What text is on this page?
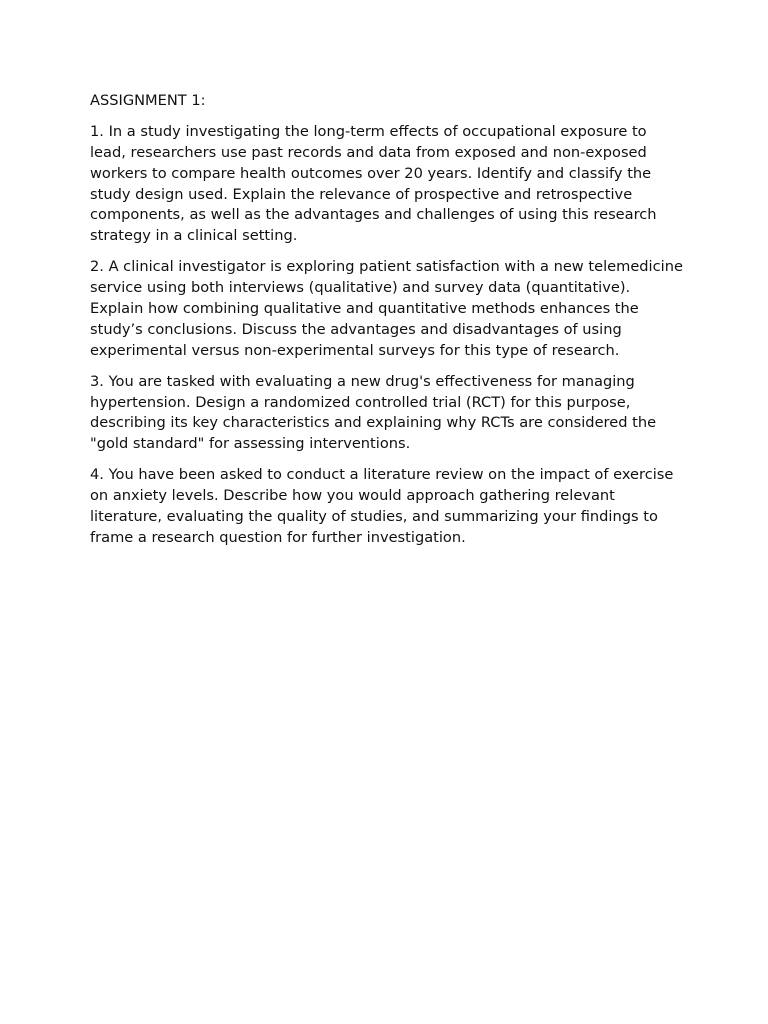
ASSIGNMENT 1:

1. In a study investigating the long-term effects of occupational exposure to lead, researchers use past records and data from exposed and non-exposed workers to compare health outcomes over 20 years. Identify and classify the study design used. Explain the relevance of prospective and retrospective components, as well as the advantages and challenges of using this research strategy in a clinical setting.

2. A clinical investigator is exploring patient satisfaction with a new telemedicine service using both interviews (qualitative) and survey data (quantitative). Explain how combining qualitative and quantitative methods enhances the study’s conclusions. Discuss the advantages and disadvantages of using experimental versus non-experimental surveys for this type of research.

3. You are tasked with evaluating a new drug's effectiveness for managing hypertension. Design a randomized controlled trial (RCT) for this purpose, describing its key characteristics and explaining why RCTs are considered the "gold standard" for assessing interventions.

4. You have been asked to conduct a literature review on the impact of exercise on anxiety levels. Describe how you would approach gathering relevant literature, evaluating the quality of studies, and summarizing your findings to frame a research question for further investigation.
